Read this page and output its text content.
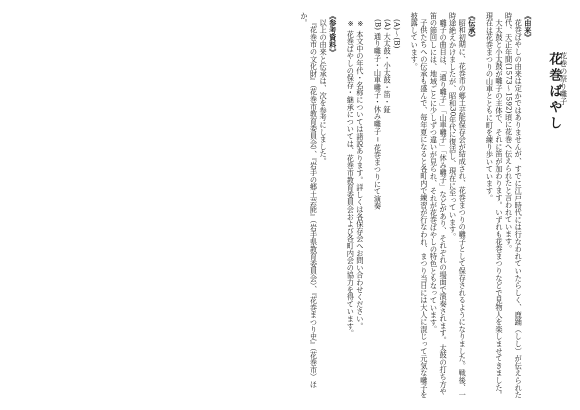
花巻の祭り囃子
花巻ばやし
《由来》
花巻ばやしの由来は定かではありませんが、すでに江戸時代には行なわれていたらしく、鹿踊（しし）が伝えられた時代、天正年間(1573〜1592)頃に花巻へ伝えられたと言われています。
大太鼓と小太鼓が囃子の主体で、それに笛が加わります。いずれも花巻まつりなどで見物人を楽しませてきました。現在は花巻まつりの山車とともに町を練り歩いています。
《伝承》
昭和初期に、花巻市の郷土芸能保存会が結成され、花巻まつりの囃子として保存されるようになりました。戦後、一時途絶えかけましたが、昭和30年代に復活し、現在に至っています。
囃子の曲目は、「通り囃子」「山車囃子」「休み囃子」などがあり、それぞれの場面で演奏されます。太鼓の打ち方や笛の節回しには、地域ごとに少しずつ違いが見られ、それが花巻ばやしの特色ともなっています。
子供たちへの伝承も盛んで、毎年夏になると各町内で練習が行なわれ、まつり当日には大人に混じって元気な囃子を披露しています。
(A)〜(B)
(A) 大太鼓・小太鼓・笛・鉦
(B) 通り囃子・山車囃子・休み囃子 ─ 花巻まつりにて演奏
※ 本文中の年代・名称については諸説あります。詳しくは各保存会へお問い合わせください。
※ 花巻ばやしの保存・継承については、花巻市教育委員会および各町内会の協力を得ています。
《参考資料》
以上の由来と伝承は、次を参考にしました。
『花巻市の文化財』（花巻市教育委員会）、『岩手の郷土芸能』（岩手県教育委員会）、『花巻まつり史』（花巻市）ほか。
